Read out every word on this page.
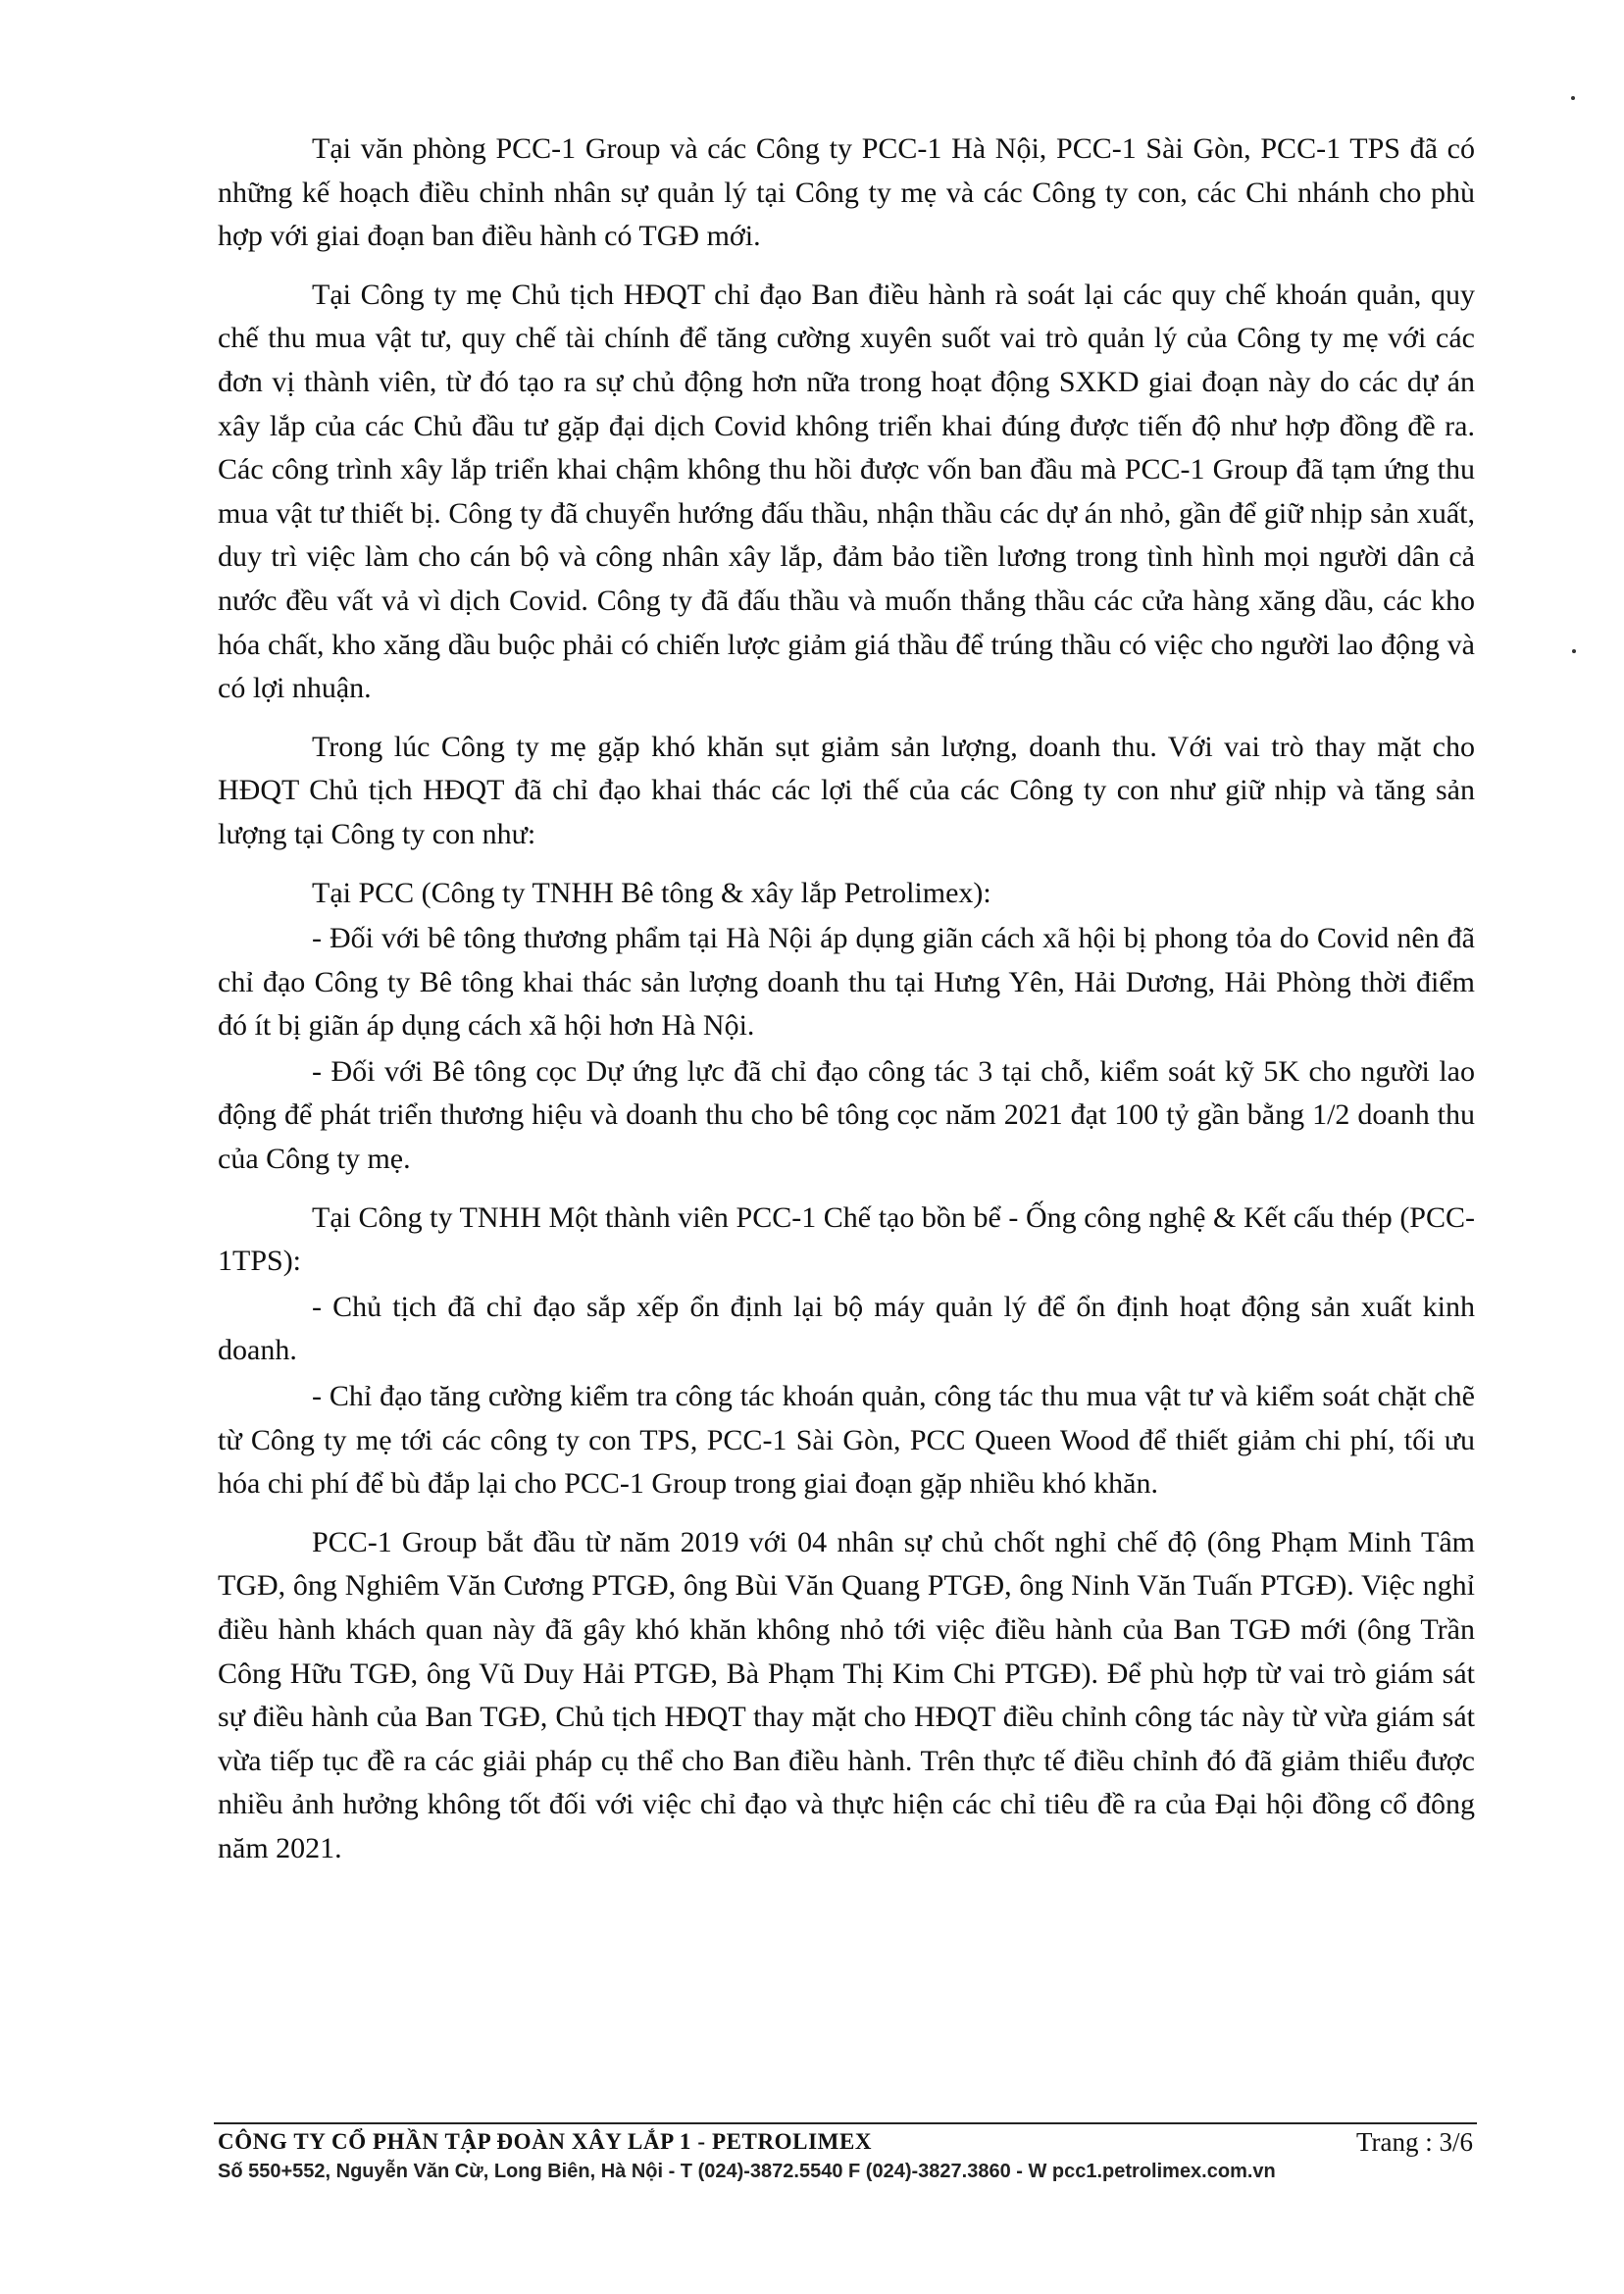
Tại văn phòng PCC-1 Group và các Công ty PCC-1 Hà Nội, PCC-1 Sài Gòn, PCC-1 TPS đã có những kế hoạch điều chỉnh nhân sự quản lý tại Công ty mẹ và các Công ty con, các Chi nhánh cho phù hợp với giai đoạn ban điều hành có TGĐ mới.

Tại Công ty mẹ Chủ tịch HĐQT chỉ đạo Ban điều hành rà soát lại các quy chế khoán quản, quy chế thu mua vật tư, quy chế tài chính để tăng cường xuyên suốt vai trò quản lý của Công ty mẹ với các đơn vị thành viên, từ đó tạo ra sự chủ động hơn nữa trong hoạt động SXKD giai đoạn này do các dự án xây lắp của các Chủ đầu tư gặp đại dịch Covid không triển khai đúng được tiến độ như hợp đồng đề ra. Các công trình xây lắp triển khai chậm không thu hồi được vốn ban đầu mà PCC-1 Group đã tạm ứng thu mua vật tư thiết bị. Công ty đã chuyển hướng đấu thầu, nhận thầu các dự án nhỏ, gần để giữ nhịp sản xuất, duy trì việc làm cho cán bộ và công nhân xây lắp, đảm bảo tiền lương trong tình hình mọi người dân cả nước đều vất vả vì dịch Covid. Công ty đã đấu thầu và muốn thắng thầu các cửa hàng xăng dầu, các kho hóa chất, kho xăng dầu buộc phải có chiến lược giảm giá thầu để trúng thầu có việc cho người lao động và có lợi nhuận.

Trong lúc Công ty mẹ gặp khó khăn sụt giảm sản lượng, doanh thu. Với vai trò thay mặt cho HĐQT Chủ tịch HĐQT đã chỉ đạo khai thác các lợi thế của các Công ty con như giữ nhịp và tăng sản lượng tại Công ty con như:

Tại PCC (Công ty TNHH Bê tông & xây lắp Petrolimex):

- Đối với bê tông thương phẩm tại Hà Nội áp dụng giãn cách xã hội bị phong tỏa do Covid nên đã chỉ đạo Công ty Bê tông khai thác sản lượng doanh thu tại Hưng Yên, Hải Dương, Hải Phòng thời điểm đó ít bị giãn áp dụng cách xã hội hơn Hà Nội.

- Đối với Bê tông cọc Dự ứng lực đã chỉ đạo công tác 3 tại chỗ, kiểm soát kỹ 5K cho người lao động để phát triển thương hiệu và doanh thu cho bê tông cọc năm 2021 đạt 100 tỷ gần bằng 1/2 doanh thu của Công ty mẹ.

Tại Công ty TNHH Một thành viên PCC-1 Chế tạo bồn bể - Ống công nghệ & Kết cấu thép (PCC-1TPS):

- Chủ tịch đã chỉ đạo sắp xếp ổn định lại bộ máy quản lý để ổn định hoạt động sản xuất kinh doanh.

- Chỉ đạo tăng cường kiểm tra công tác khoán quản, công tác thu mua vật tư và kiểm soát chặt chẽ từ Công ty mẹ tới các công ty con TPS, PCC-1 Sài Gòn, PCC Queen Wood để thiết giảm chi phí, tối ưu hóa chi phí để bù đắp lại cho PCC-1 Group trong giai đoạn gặp nhiều khó khăn.

PCC-1 Group bắt đầu từ năm 2019 với 04 nhân sự chủ chốt nghỉ chế độ (ông Phạm Minh Tâm TGĐ, ông Nghiêm Văn Cương PTGĐ, ông Bùi Văn Quang PTGĐ, ông Ninh Văn Tuấn PTGĐ). Việc nghỉ điều hành khách quan này đã gây khó khăn không nhỏ tới việc điều hành của Ban TGĐ mới (ông Trần Công Hữu TGĐ, ông Vũ Duy Hải PTGĐ, Bà Phạm Thị Kim Chi PTGĐ). Để phù hợp từ vai trò giám sát sự điều hành của Ban TGĐ, Chủ tịch HĐQT thay mặt cho HĐQT điều chỉnh công tác này từ vừa giám sát vừa tiếp tục đề ra các giải pháp cụ thể cho Ban điều hành. Trên thực tế điều chỉnh đó đã giảm thiểu được nhiều ảnh hưởng không tốt đối với việc chỉ đạo và thực hiện các chỉ tiêu đề ra của Đại hội đồng cổ đông năm 2021.

CÔNG TY CỔ PHẦN TẬP ĐOÀN XÂY LẮP 1 - PETROLIMEX	Trang : 3/6
Số 550+552, Nguyễn Văn Cừ, Long Biên, Hà Nội - T (024)-3872.5540 F (024)-3827.3860 - W pcc1.petrolimex.com.vn
